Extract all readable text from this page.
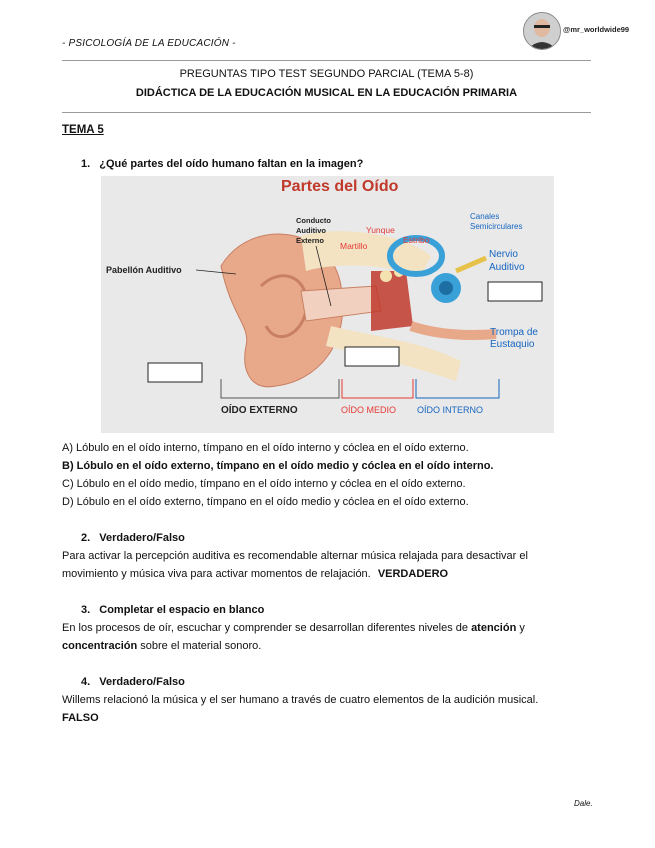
- PSICOLOGÍA DE LA EDUCACIÓN -
@mr_worldwide99
PREGUNTAS TIPO TEST SEGUNDO PARCIAL (TEMA 5-8)
DIDÁCTICA DE LA EDUCACIÓN MUSICAL EN LA EDUCACIÓN PRIMARIA
TEMA 5
1. ¿Qué partes del oído humano faltan en la imagen?
Partes del Oído
Pabellón Auditivo
Conducto
Auditivo
Externo
Yunque
Martillo
Estribo
Canales
Semicirculares
Nervio
Auditivo
Trompa de
Eustaquio
OÍDO EXTERNO	OÍDO MEDIO OÍDO INTERNO
A) Lóbulo en el oído interno, tímpano en el oído interno y cóclea en el oído externo.
B) Lóbulo en el oído externo, tímpano en el oído medio y cóclea en el oído interno.
C) Lóbulo en el oído medio, tímpano en el oído interno y cóclea en el oído externo.
D) Lóbulo en el oído externo, tímpano en el oído medio y cóclea en el oído externo.
2. Verdadero/Falso
Para activar la percepción auditiva es recomendable alternar música relajada para desactivar el
movimiento y música viva para activar momentos de relajación. VERDADERO
3. Completar el espacio en blanco
En los procesos de oír, escuchar y comprender se desarrollan diferentes niveles de atención y
concentración sobre el material sonoro.
4. Verdadero/Falso
Willems relacionó la música y el ser humano a través de cuatro elementos de la audición musical.
FALSO
Dale.
